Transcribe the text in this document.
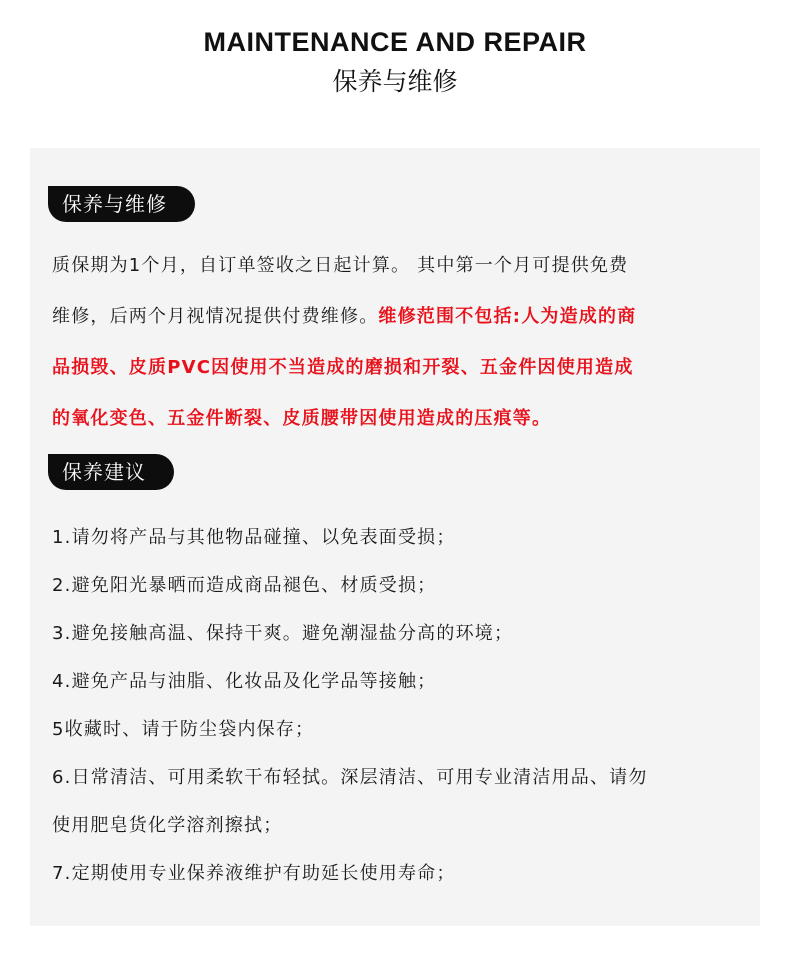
MAINTENANCE AND REPAIR
保养与维修
保养与维修
质保期为1个月，自订单签收之日起计算。 其中第一个月可提供免费
维修，后两个月视情况提供付费维修。维修范围不包括:人为造成的商
品损毁、皮质PVC因使用不当造成的磨损和开裂、五金件因使用造成
的氧化变色、五金件断裂、皮质腰带因使用造成的压痕等。
保养建议
1.请勿将产品与其他物品碰撞、以免表面受损；
2.避免阳光暴晒而造成商品褪色、材质受损；
3.避免接触高温、保持干爽。避免潮湿盐分高的环境；
4.避免产品与油脂、化妆品及化学品等接触；
5收藏时、请于防尘袋内保存；
6.日常清洁、可用柔软干布轻拭。深层清洁、可用专业清洁用品、请勿
使用肥皂货化学溶剂擦拭；
7.定期使用专业保养液维护有助延长使用寿命；
